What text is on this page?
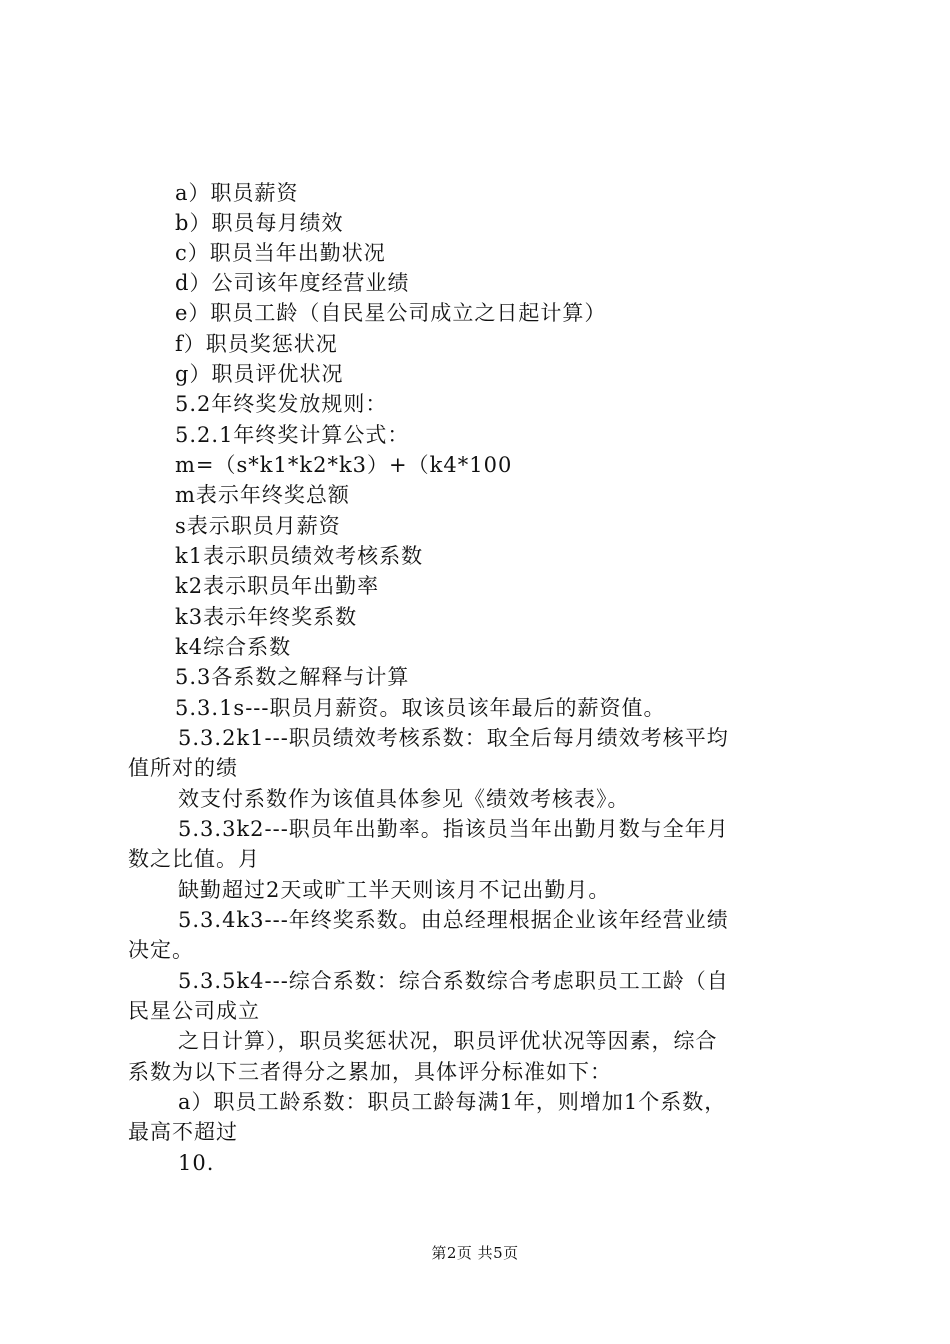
a）职员薪资
b）职员每月绩效
c）职员当年出勤状况
d）公司该年度经营业绩
e）职员工龄（自民星公司成立之日起计算）
f）职员奖惩状况
g）职员评优状况
5.2年终奖发放规则：
5.2.1年终奖计算公式：
m=（s*k1*k2*k3）+（k4*100
m表示年终奖总额
s表示职员月薪资
k1表示职员绩效考核系数
k2表示职员年出勤率
k3表示年终奖系数
k4综合系数
5.3各系数之解释与计算
5.3.1s---职员月薪资。取该员该年最后的薪资值。
5.3.2k1---职员绩效考核系数：取全后每月绩效考核平均
值所对的绩
效支付系数作为该值具体参见《绩效考核表》。
5.3.3k2---职员年出勤率。指该员当年出勤月数与全年月
数之比值。月
缺勤超过2天或旷工半天则该月不记出勤月。
5.3.4k3---年终奖系数。由总经理根据企业该年经营业绩
决定。
5.3.5k4---综合系数：综合系数综合考虑职员工工龄（自
民星公司成立
之日计算），职员奖惩状况，职员评优状况等因素，综合
系数为以下三者得分之累加，具体评分标准如下：
a）职员工龄系数：职员工龄每满1年，则增加1个系数，
最高不超过
10.
第2页 共5页
